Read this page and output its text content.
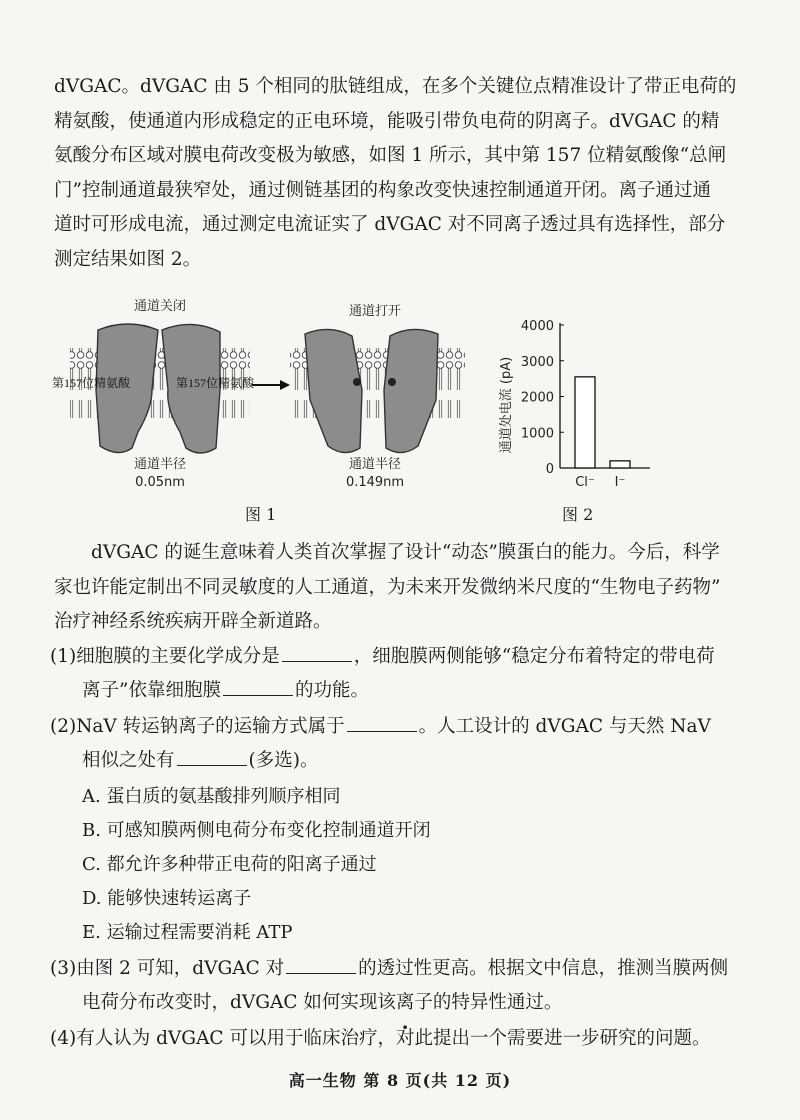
dVGAC。dVGAC 由 5 个相同的肽链组成，在多个关键位点精准设计了带正电荷的
精氨酸，使通道内形成稳定的正电环境，能吸引带负电荷的阴离子。dVGAC 的精
氨酸分布区域对膜电荷改变极为敏感，如图 1 所示，其中第 157 位精氨酸像“总闸
门”控制通道最狭窄处，通过侧链基团的构象改变快速控制通道开闭。离子通过通
道时可形成电流，通过测定电流证实了 dVGAC 对不同离子透过具有选择性，部分
测定结果如图 2。
通道关闭
第157位精氨酸	第157位精氨酸
通道半径
0.05nm
通道打开
通道半径
0.149nm
图 1
通道处电流 (pA)
0
1000
2000
3000
4000
Cl⁻ I⁻
图 2
dVGAC 的诞生意味着人类首次掌握了设计“动态”膜蛋白的能力。今后，科学
家也许能定制出不同灵敏度的人工通道，为未来开发微纳米尺度的“生物电子药物”
治疗神经系统疾病开辟全新道路。
(1)细胞膜的主要化学成分是	，细胞膜两侧能够“稳定分布着特定的带电荷
离子”依靠细胞膜	的功能。
(2)NaV 转运钠离子的运输方式属于	。人工设计的 dVGAC 与天然 NaV
相似之处有	(多选)。
A. 蛋白质的氨基酸排列顺序相同
B. 可感知膜两侧电荷分布变化控制通道开闭
C. 都允许多种带正电荷的阳离子通过
D. 能够快速转运离子
E. 运输过程需要消耗 ATP
(3)由图 2 可知，dVGAC 对	的透过性更高。根据文中信息，推测当膜两侧
电荷分布改变时，dVGAC 如何实现该离子的特异性通过。
(4)有人认为 dVGAC 可以用于临床治疗，对此提出一个需要进一步研究的问题。
高一生物 第 8 页(共 12 页)
